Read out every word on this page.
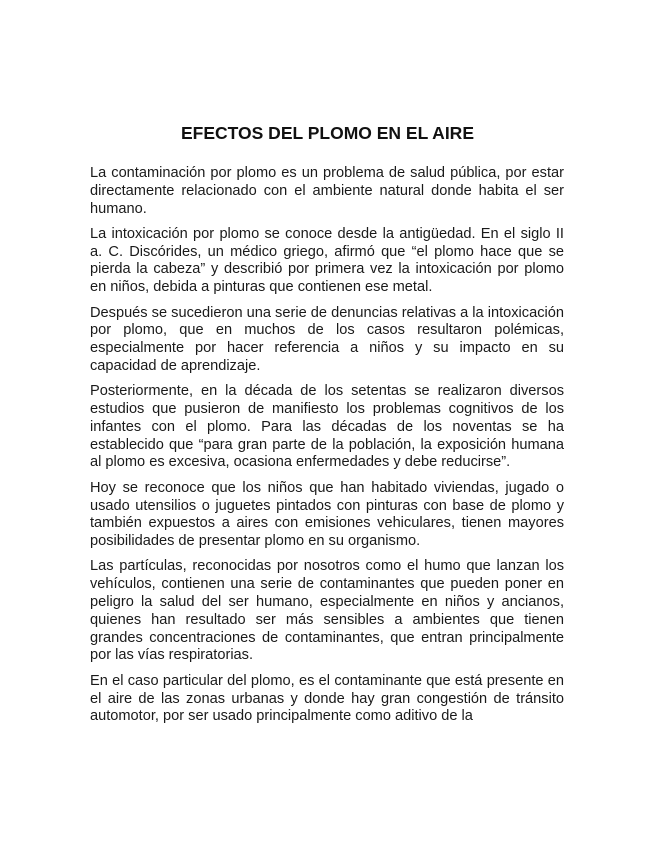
EFECTOS DEL PLOMO EN EL AIRE

La contaminación por plomo es un problema de salud pública, por estar directamente relacionado con el ambiente natural donde habita el ser humano.

La intoxicación por plomo se conoce desde la antigüedad. En el siglo II a. C. Discórides, un médico griego, afirmó que “el plomo hace que se pierda la cabeza” y describió por primera vez la intoxicación por plomo en niños, debida a pinturas que contienen ese metal.

Después se sucedieron una serie de denuncias relativas a la intoxicación por plomo, que en muchos de los casos resultaron polémicas, especialmente por hacer referencia a niños y su impacto en su capacidad de aprendizaje.

Posteriormente, en la década de los setentas se realizaron diversos estudios que pusieron de manifiesto los problemas cognitivos de los infantes con el plomo. Para las décadas de los noventas se ha establecido que “para gran parte de la población, la exposición humana al plomo es excesiva, ocasiona enfermedades y debe reducirse”.

Hoy se reconoce que los niños que han habitado viviendas, jugado o usado utensilios o juguetes pintados con pinturas con base de plomo y también expuestos a aires con emisiones vehiculares, tienen mayores posibilidades de presentar plomo en su organismo.

Las partículas, reconocidas por nosotros como el humo que lanzan los vehículos, contienen una serie de contaminantes que pueden poner en peligro la salud del ser humano, especialmente en niños y ancianos, quienes han resultado ser más sensibles a ambientes que tienen grandes concentraciones de contaminantes, que entran principalmente por las vías respiratorias.

En el caso particular del plomo, es el contaminante que está presente en el aire de las zonas urbanas y donde hay gran congestión de tránsito automotor, por ser usado principalmente como aditivo de la
